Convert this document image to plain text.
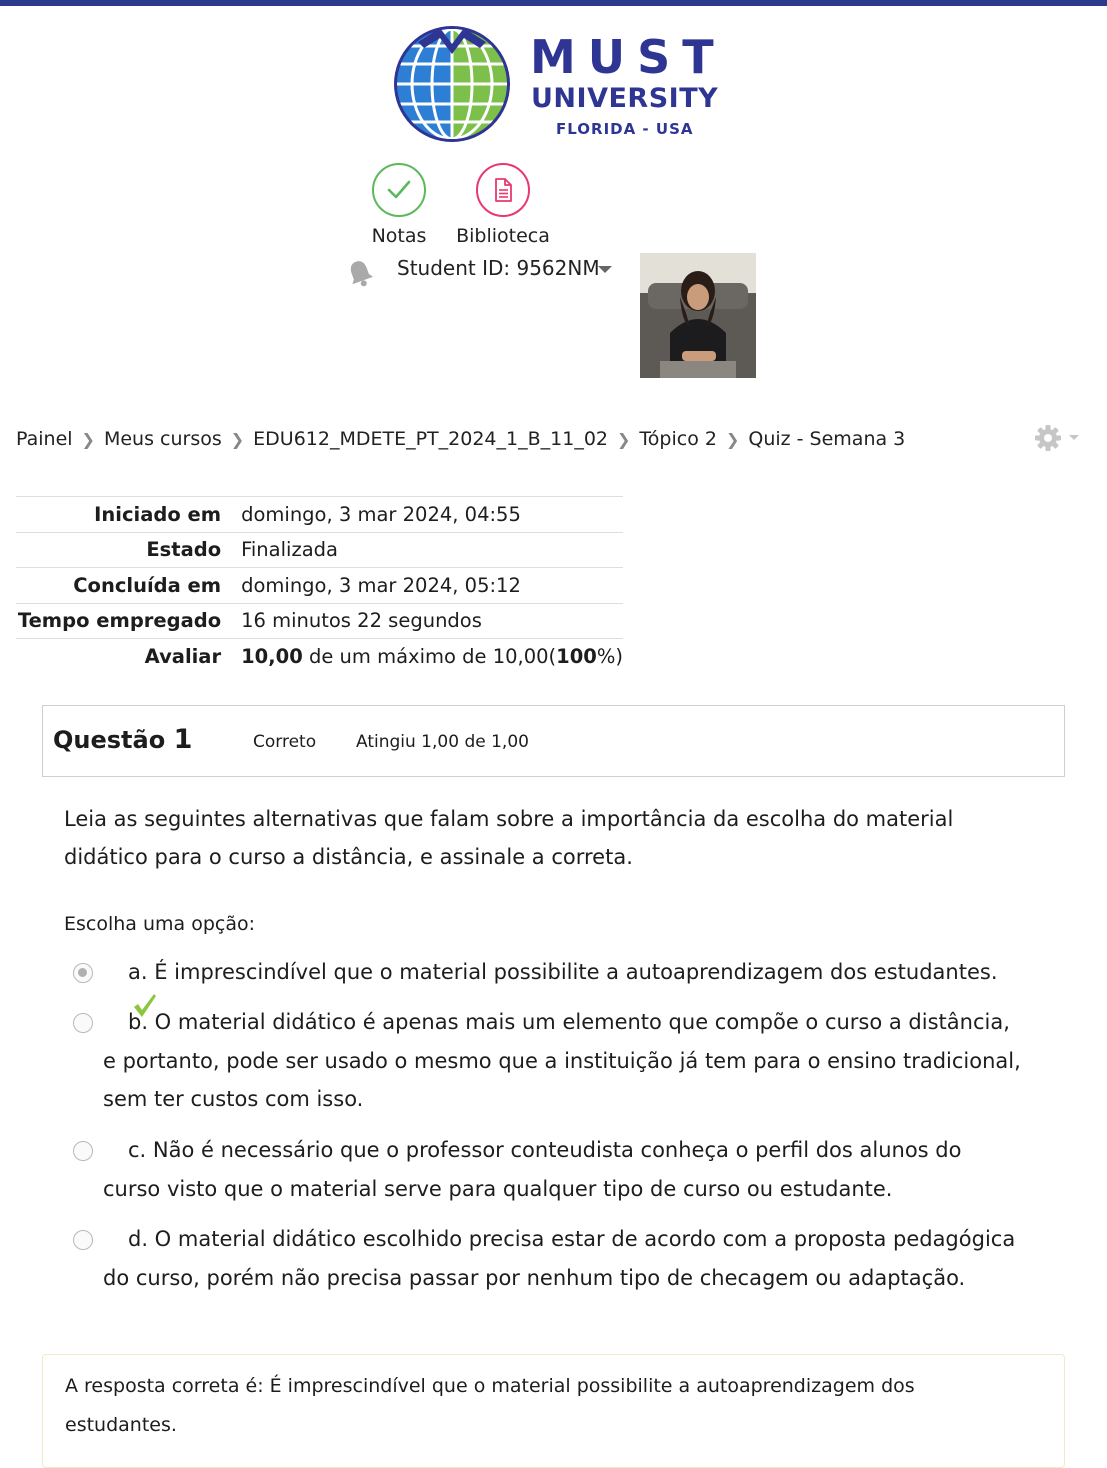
MUST
UNIVERSITY
FLORIDA - USA
Notas Biblioteca
Student ID: 9562NM
Painel ❯ Meus cursos ❯ EDU612_MDETE_PT_2024_1_B_11_02 ❯ Tópico 2 ❯ Quiz - Semana 3
Iniciado em	domingo, 3 mar 2024, 04:55
Estado	Finalizada
Concluída em	domingo, 3 mar 2024, 05:12
Tempo empregado	16 minutos 22 segundos
Avaliar	10,00 de um máximo de 10,00(100%)
Questão 1	Correto Atingiu 1,00 de 1,00
Leia as seguintes alternativas que falam sobre a importância da escolha do material didático para o curso a distância, e assinale a correta.
Escolha uma opção:
a. É imprescindível que o material possibilite a autoaprendizagem dos estudantes.
b. O material didático é apenas mais um elemento que compõe o curso a distância, e portanto, pode ser usado o mesmo que a instituição já tem para o ensino tradicional, sem ter custos com isso.
c. Não é necessário que o professor conteudista conheça o perfil dos alunos do curso visto que o material serve para qualquer tipo de curso ou estudante.
d. O material didático escolhido precisa estar de acordo com a proposta pedagógica do curso, porém não precisa passar por nenhum tipo de checagem ou adaptação.
A resposta correta é: É imprescindível que o material possibilite a autoaprendizagem dos estudantes.
